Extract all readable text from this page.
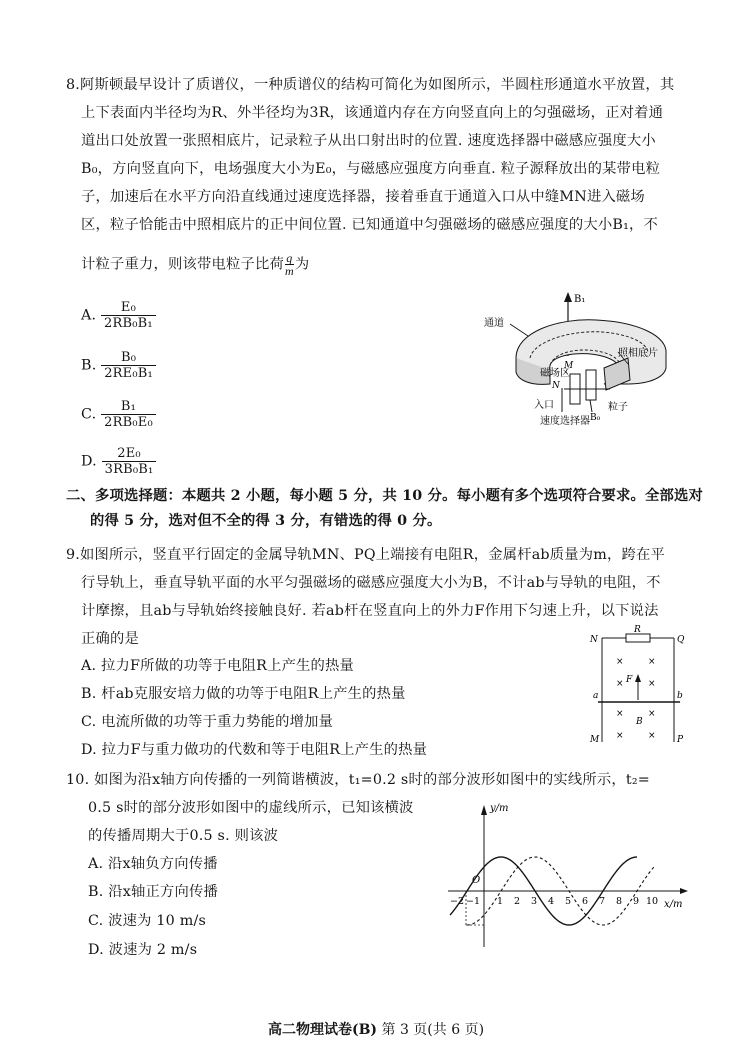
8.阿斯顿最早设计了质谱仪，一种质谱仪的结构可简化为如图所示，半圆柱形通道水平放置，其
上下表面内半径均为R、外半径均为3R，该通道内存在方向竖直向上的匀强磁场，正对着通
道出口处放置一张照相底片，记录粒子从出口射出时的位置. 速度选择器中磁感应强度大小
B₀，方向竖直向下，电场强度大小为E₀，与磁感应强度方向垂直. 粒子源释放出的某带电粒
子，加速后在水平方向沿直线通过速度选择器，接着垂直于通道入口从中缝MN进入磁场
区，粒子恰能击中照相底片的正中间位置. 已知通道中匀强磁场的磁感应强度的大小B₁，不
计粒子重力，则该带电粒子比荷 $\frac{q}{m}$ 为
A. $\frac{\text{E₀}}{\text{2RB₀B₁}}$
B. $\frac{\text{B₀}}{\text{2RE₀B₁}}$
C. $\frac{\text{B₁}}{\text{2RB₀E₀}}$
D. $\frac{\text{2E₀}}{\text{3RB₀B₁}}$
B₁
通道
磁场区
M
N
照相底片
入口	粒子
B₀
速度选择器
二、多项选择题：本题共 2 小题，每小题 5 分，共 10 分。每小题有多个选项符合要求。全部选对
的得 5 分，选对但不全的得 3 分，有错选的得 0 分。
9.如图所示，竖直平行固定的金属导轨MN、PQ上端接有电阻R，金属杆ab质量为m，跨在平
行导轨上，垂直导轨平面的水平匀强磁场的磁感应强度大小为B，不计ab与导轨的电阻，不
计摩擦，且ab与导轨始终接触良好. 若ab杆在竖直向上的外力F作用下匀速上升，以下说法
正确的是
A. 拉力F所做的功等于电阻R上产生的热量
B. 杆ab克服安培力做的功等于电阻R上产生的热量
C. 电流所做的功等于重力势能的增加量
D. 拉力F与重力做功的代数和等于电阻R上产生的热量
N
R
Q
a	b
F
B
M	P
×	×
×	×
×	×
×	×
10. 如图为沿x轴方向传播的一列简谐横波，t₁=0.2 s时的部分波形如图中的实线所示，t₂=
0.5 s时的部分波形如图中的虚线所示，已知该横波
的传播周期大于0.5 s. 则该波
A. 沿x轴负方向传播
B. 沿x轴正方向传播
C. 波速为 10 m/s
D. 波速为 2 m/s
y/m
x/m
O
−2 −1 1 2 3 4 5 6 7 8 9 10
高二物理试卷(B) 第 3 页(共 6 页)
